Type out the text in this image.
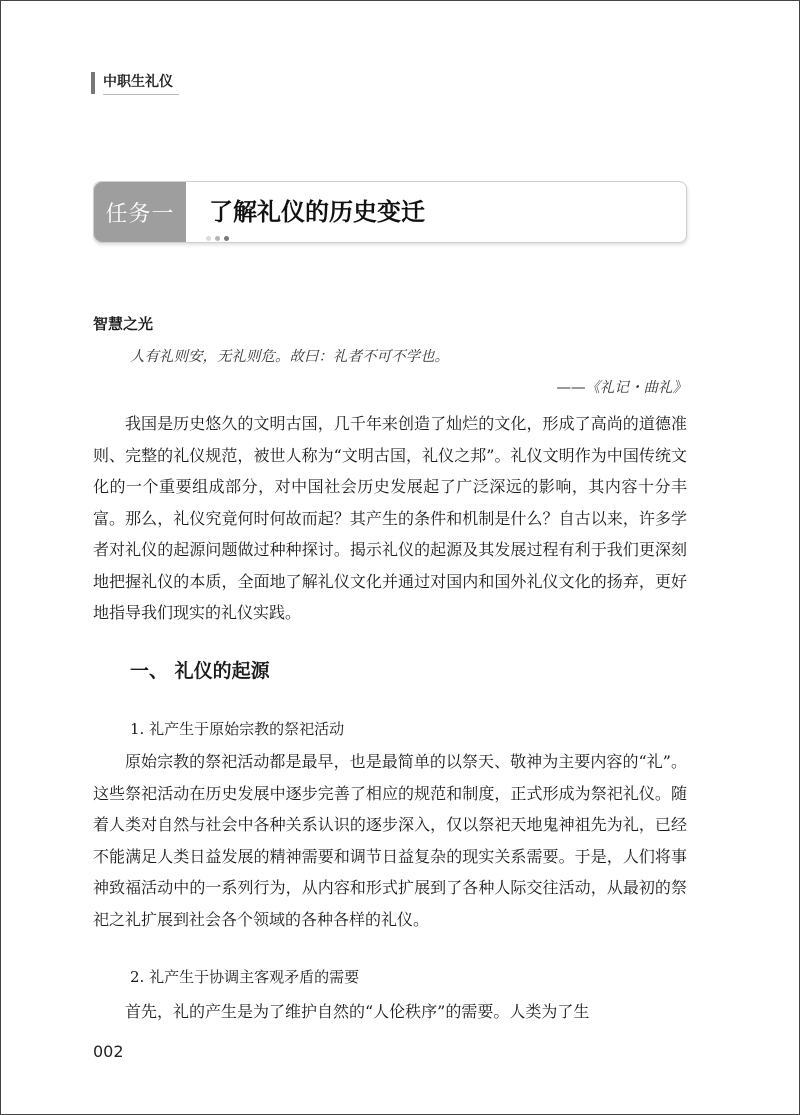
中职生礼仪
任务一	了解礼仪的历史变迁
智慧之光
人有礼则安，无礼则危。故曰：礼者不可不学也。
——《礼记・曲礼》
我国是历史悠久的文明古国，几千年来创造了灿烂的文化，形成了高尚的道德准则、完整的礼仪规范，被世人称为“文明古国，礼仪之邦”。礼仪文明作为中国传统文化的一个重要组成部分，对中国社会历史发展起了广泛深远的影响，其内容十分丰富。那么，礼仪究竟何时何故而起？其产生的条件和机制是什么？自古以来，许多学者对礼仪的起源问题做过种种探讨。揭示礼仪的起源及其发展过程有利于我们更深刻地把握礼仪的本质，全面地了解礼仪文化并通过对国内和国外礼仪文化的扬弃，更好地指导我们现实的礼仪实践。
一、 礼仪的起源
1. 礼产生于原始宗教的祭祀活动
原始宗教的祭祀活动都是最早，也是最简单的以祭天、敬神为主要内容的“礼”。这些祭祀活动在历史发展中逐步完善了相应的规范和制度，正式形成为祭祀礼仪。随着人类对自然与社会中各种关系认识的逐步深入，仅以祭祀天地鬼神祖先为礼，已经不能满足人类日益发展的精神需要和调节日益复杂的现实关系需要。于是，人们将事神致福活动中的一系列行为，从内容和形式扩展到了各种人际交往活动，从最初的祭祀之礼扩展到社会各个领域的各种各样的礼仪。
2. 礼产生于协调主客观矛盾的需要
首先，礼的产生是为了维护自然的“人伦秩序”的需要。人类为了生
002
